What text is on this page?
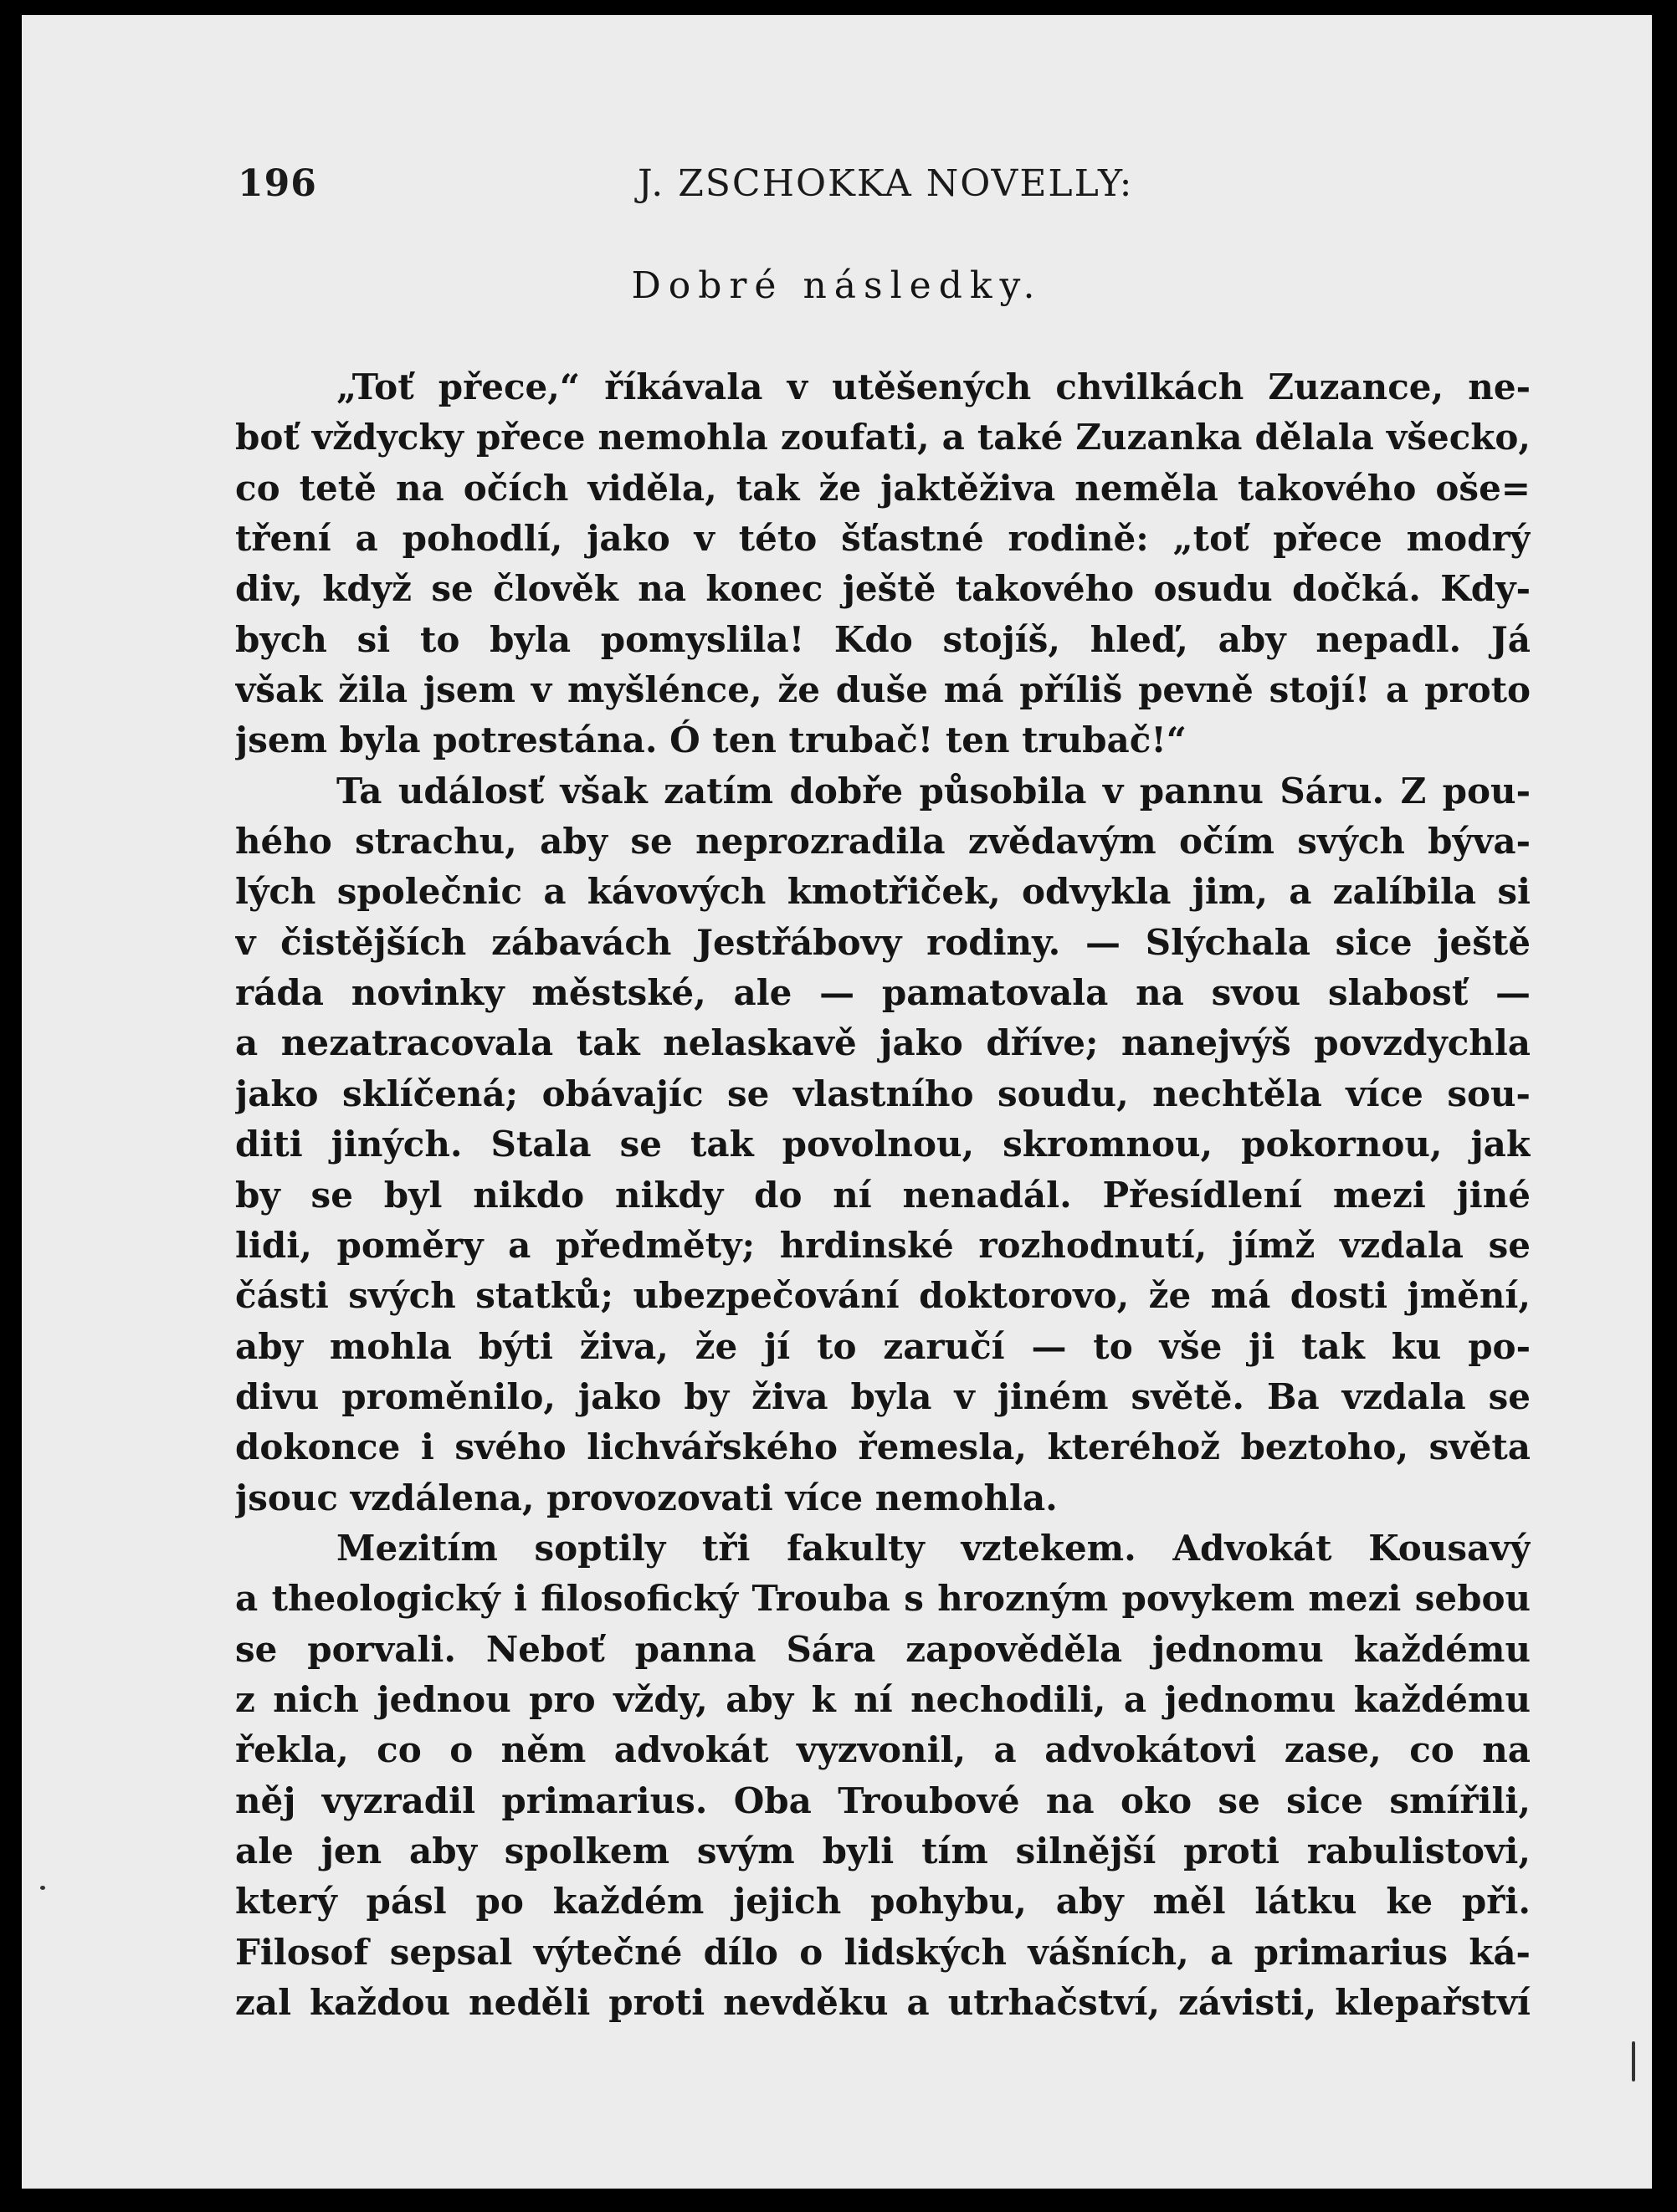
196	J. ZSCHOKKA NOVELLY:
Dobré následky.
„Toť přece,“ říkávala v utěšených chvilkách Zuzance, ne-
boť vždycky přece nemohla zoufati, a také Zuzanka dělala všecko,
co tetě na očích viděla, tak že jaktěživa neměla takového oše=
tření a pohodlí, jako v této šťastné rodině: „toť přece modrý
div, když se člověk na konec ještě takového osudu dočká. Kdy-
bych si to byla pomyslila! Kdo stojíš, hleď, aby nepadl. Já
však žila jsem v myšlénce, že duše má příliš pevně stojí! a proto
jsem byla potrestána. Ó ten trubač! ten trubač!“
Ta událosť však zatím dobře působila v pannu Sáru. Z pou-
hého strachu, aby se neprozradila zvědavým očím svých býva-
lých společnic a kávových kmotřiček, odvykla jim, a zalíbila si
v čistějších zábavách Jestřábovy rodiny. — Slýchala sice ještě
ráda novinky městské, ale — pamatovala na svou slabosť —
a nezatracovala tak nelaskavě jako dříve; nanejvýš povzdychla
jako sklíčená; obávajíc se vlastního soudu, nechtěla více sou-
diti jiných. Stala se tak povolnou, skromnou, pokornou, jak
by se byl nikdo nikdy do ní nenadál. Přesídlení mezi jiné
lidi, poměry a předměty; hrdinské rozhodnutí, jímž vzdala se
části svých statků; ubezpečování doktorovo, že má dosti jmění,
aby mohla býti živa, že jí to zaručí — to vše ji tak ku po-
divu proměnilo, jako by živa byla v jiném světě. Ba vzdala se
dokonce i svého lichvářského řemesla, kteréhož beztoho, světa
jsouc vzdálena, provozovati více nemohla.
Mezitím soptily tři fakulty vztekem. Advokát Kousavý
a theologický i filosofický Trouba s hrozným povykem mezi sebou
se porvali. Neboť panna Sára zapověděla jednomu každému
z nich jednou pro vždy, aby k ní nechodili, a jednomu každému
řekla, co o něm advokát vyzvonil, a advokátovi zase, co na
něj vyzradil primarius. Oba Troubové na oko se sice smířili,
ale jen aby spolkem svým byli tím silnější proti rabulistovi,
který pásl po každém jejich pohybu, aby měl látku ke při.
Filosof sepsal výtečné dílo o lidských vášních, a primarius ká-
zal každou neděli proti nevděku a utrhačství, závisti, klepařství
